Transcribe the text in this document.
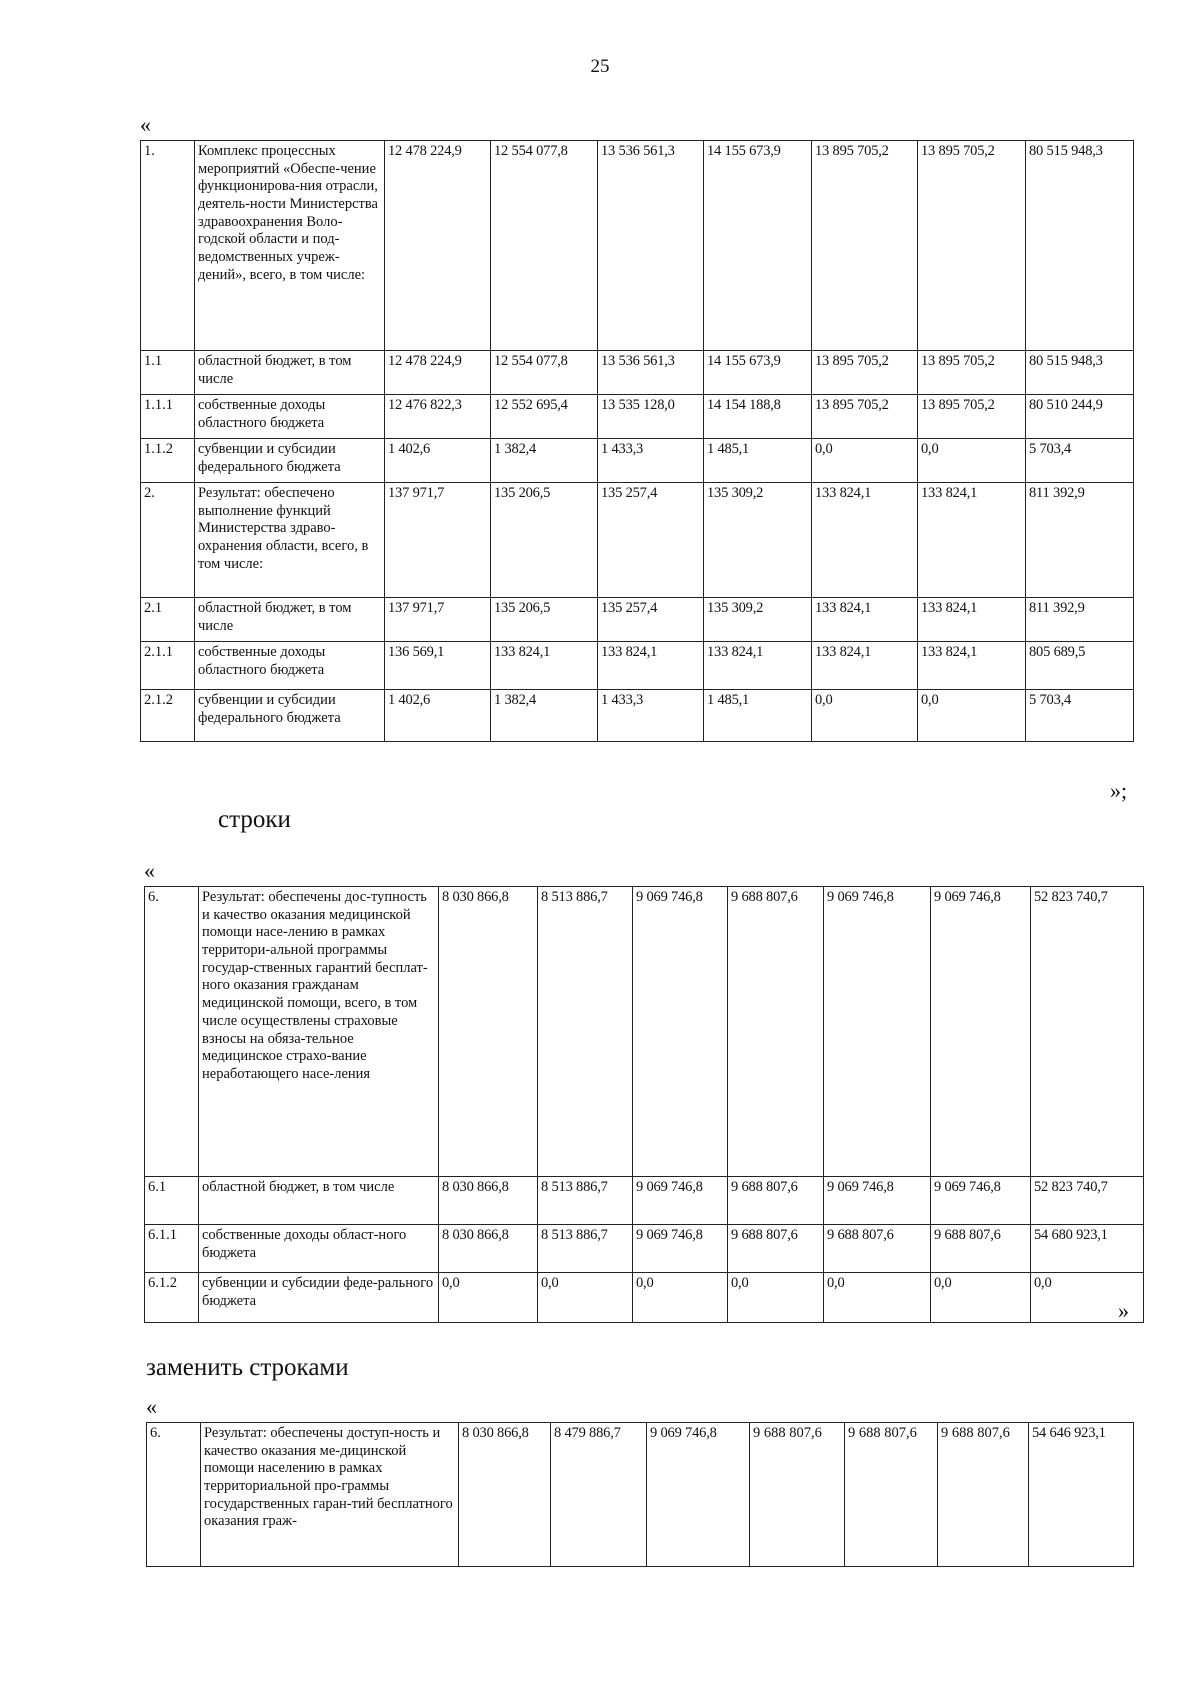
25
«
1.	Комплекс процессных мероприятий «Обеспе-чение функционирова-ния отрасли, деятель-ности Министерства здравоохранения Воло-годской области и под-ведомственных учреж-дений», всего, в том числе:	12 478 224,9	12 554 077,8	13 536 561,3	14 155 673,9	13 895 705,2	13 895 705,2	80 515 948,3
1.1	областной бюджет, в том числе	12 478 224,9	12 554 077,8	13 536 561,3	14 155 673,9	13 895 705,2	13 895 705,2	80 515 948,3
1.1.1	собственные доходы областного бюджета	12 476 822,3	12 552 695,4	13 535 128,0	14 154 188,8	13 895 705,2	13 895 705,2	80 510 244,9
1.1.2	субвенции и субсидии федерального бюджета	1 402,6	1 382,4	1 433,3	1 485,1	0,0	0,0	5 703,4
2.	Результат: обеспечено выполнение функций Министерства здраво-охранения области, всего, в том числе:	137 971,7	135 206,5	135 257,4	135 309,2	133 824,1	133 824,1	811 392,9
2.1	областной бюджет, в том числе	137 971,7	135 206,5	135 257,4	135 309,2	133 824,1	133 824,1	811 392,9
2.1.1	собственные доходы областного бюджета	136 569,1	133 824,1	133 824,1	133 824,1	133 824,1	133 824,1	805 689,5
2.1.2	субвенции и субсидии федерального бюджета	1 402,6	1 382,4	1 433,3	1 485,1	0,0	0,0	5 703,4
»;
строки
«
6.	Результат: обеспечены дос-тупность и качество оказания медицинской помощи насе-лению в рамках территори-альной программы государ-ственных гарантий бесплат-ного оказания гражданам медицинской помощи, всего, в том числе осуществлены страховые взносы на обяза-тельное медицинское страхо-вание неработающего насе-ления	8 030 866,8	8 513 886,7	9 069 746,8	9 688 807,6	9 069 746,8	9 069 746,8	52 823 740,7
6.1	областной бюджет, в том числе	8 030 866,8	8 513 886,7	9 069 746,8	9 688 807,6	9 069 746,8	9 069 746,8	52 823 740,7
6.1.1	собственные доходы област-ного бюджета	8 030 866,8	8 513 886,7	9 069 746,8	9 688 807,6	9 688 807,6	9 688 807,6	54 680 923,1
6.1.2	субвенции и субсидии феде-рального бюджета	0,0	0,0	0,0	0,0	0,0	0,0	0,0
»
заменить строками
«
6.	Результат: обеспечены доступ-ность и качество оказания ме-дицинской помощи населению в рамках территориальной про-граммы государственных гаран-тий бесплатного оказания граж-	8 030 866,8	8 479 886,7	9 069 746,8	9 688 807,6	9 688 807,6	9 688 807,6	54 646 923,1
